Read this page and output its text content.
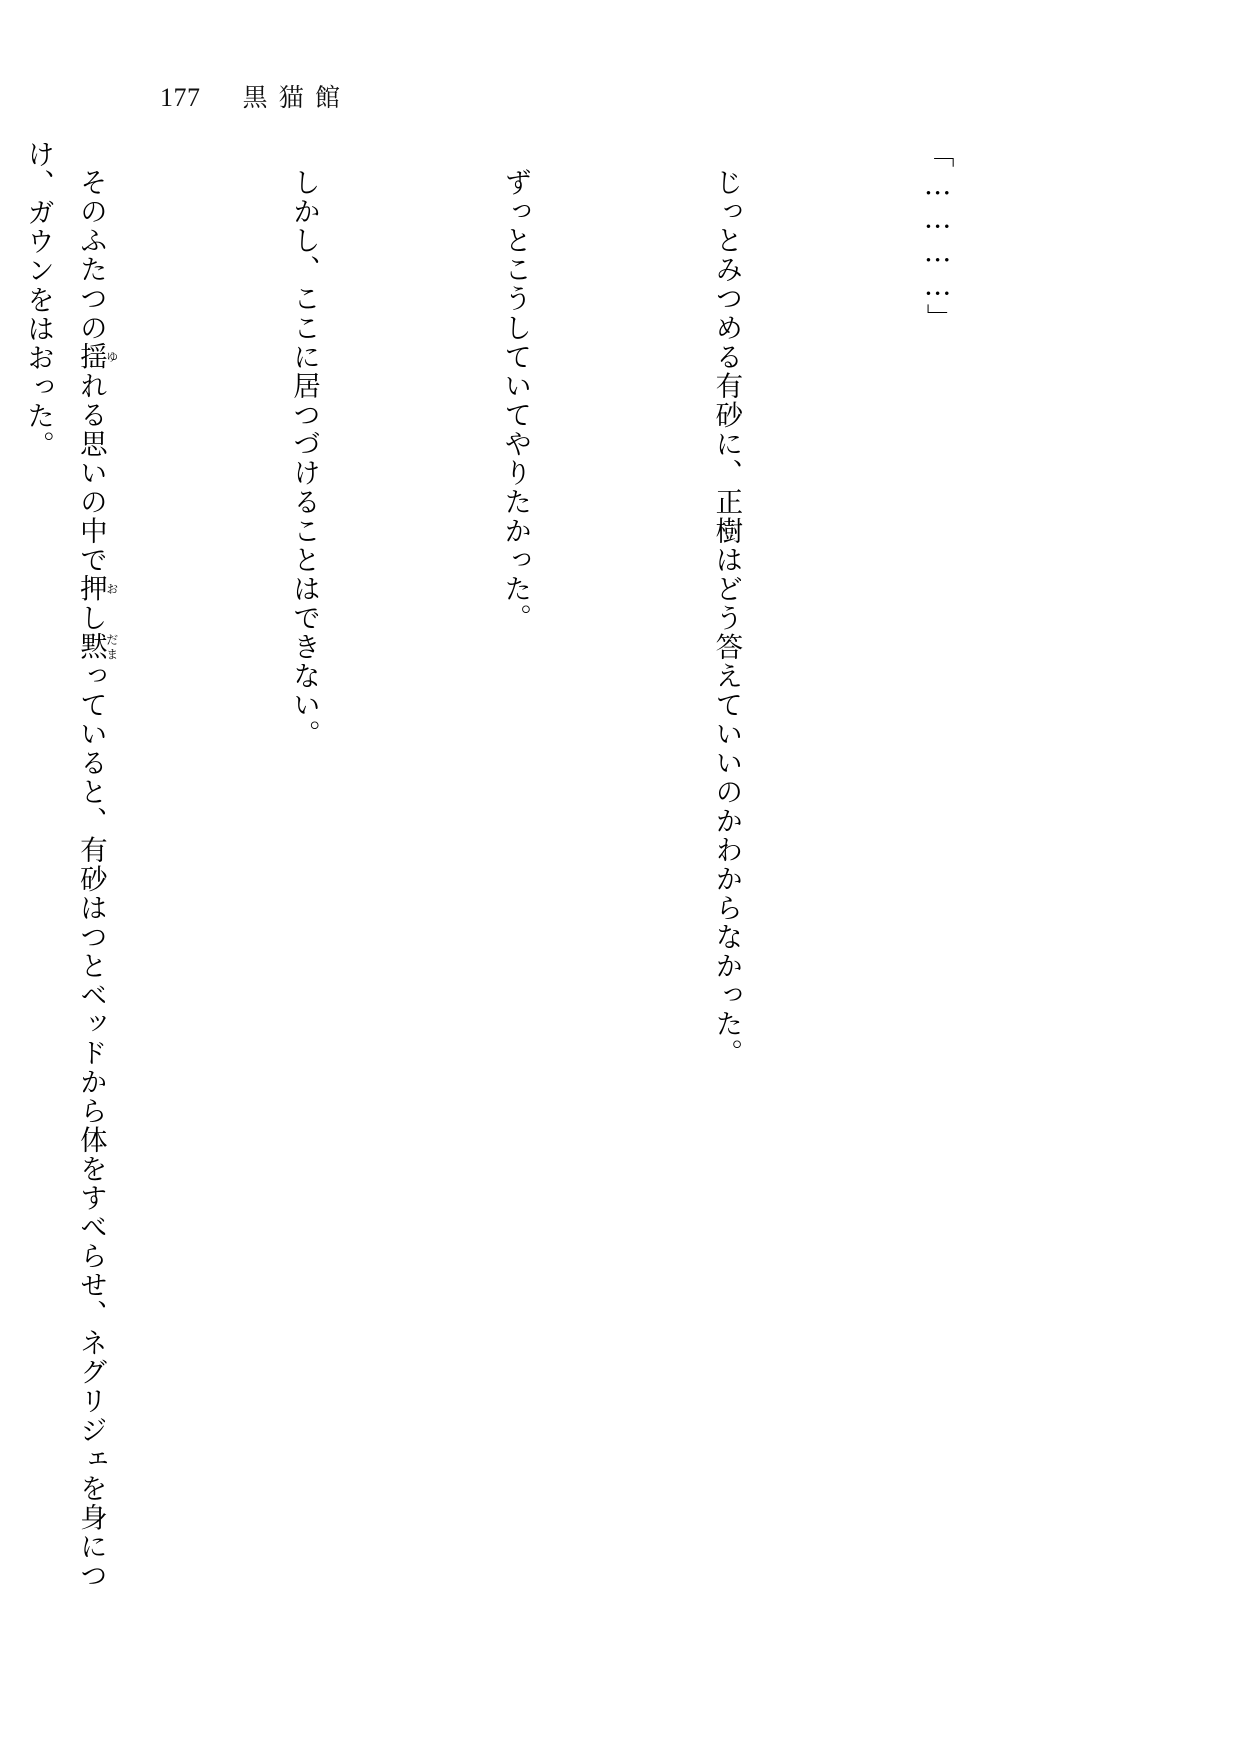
177 黒猫館

「…………」

じっとみつめる有砂に、正樹はどう答えていいのかわからなかった。

ずっとこうしていてやりたかった。

しかし、ここに居つづけることはできない。

そのふたつの揺ゆれる思いの中で押おし黙だまっていると、有砂はつとベッドから体をすべらせ、ネグリジェを身につけ、ガウンをはおった。
